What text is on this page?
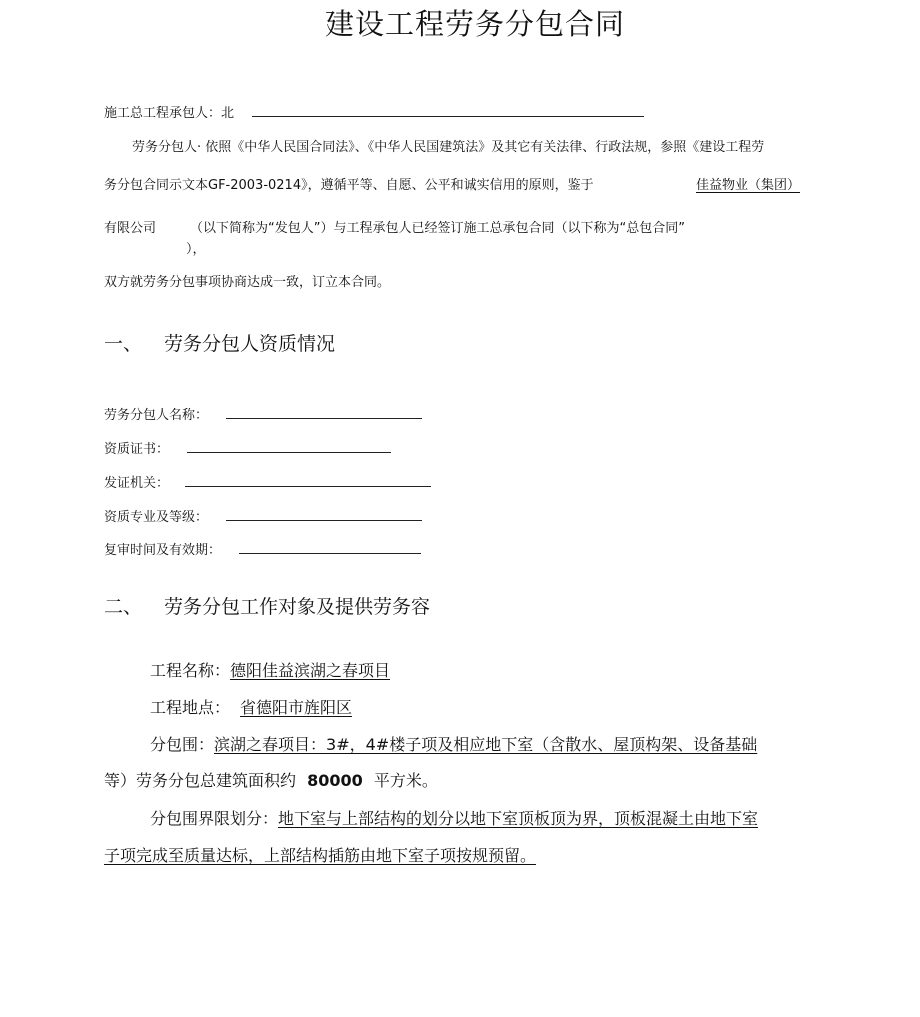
建设工程劳务分包合同
施工总工程承包人：北
劳务分包人· 依照《中华人民国合同法》、《中华人民国建筑法》及其它有关法律、行政法规，参照《建设工程劳
务分包合同示文本GF-2003-0214》，遵循平等、自愿、公平和诚实信用的原则，鉴于	佳益物业（集团）
有限公司	（以下简称为“发包人”）与工程承包人已经签订施工总承包合同（以下称为“总包合同”
），
双方就劳务分包事项协商达成一致，订立本合同。
一、 劳务分包人资质情况
劳务分包人名称：
资质证书：
发证机关：
资质专业及等级：
复审时间及有效期：
二、 劳务分包工作对象及提供劳务容
工程名称：德阳佳益滨湖之春项目
工程地点： 省德阳市旌阳区
分包围：滨湖之春项目：3#，4#楼子项及相应地下室（含散水、屋顶构架、设备基础
等）劳务分包总建筑面积约 80000 平方米。
分包围界限划分：地下室与上部结构的划分以地下室顶板顶为界，顶板混凝土由地下室
子项完成至质量达标，上部结构插筋由地下室子项按规预留。
